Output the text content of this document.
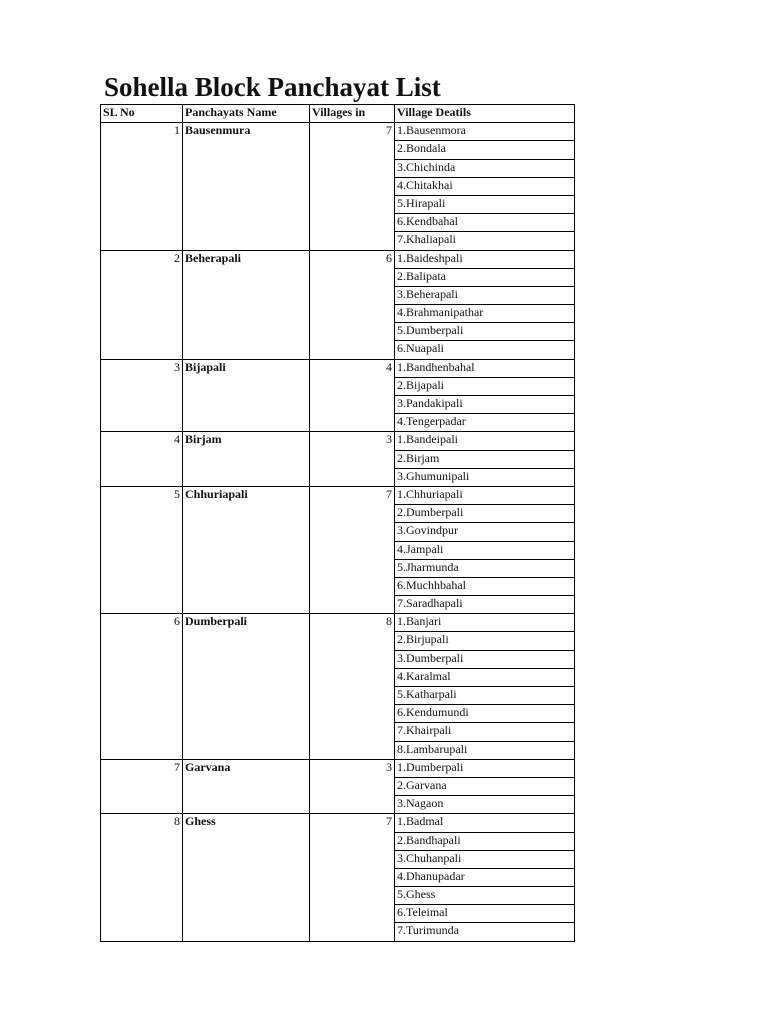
Sohella Block Panchayat List
SL No	Panchayats Name	Villages in	Village Deatils
1	Bausenmura	7	1.Bausenmora
			2.Bondala
			3.Chichinda
			4.Chitakhai
			5.Hirapali
			6.Kendbahal
			7.Khaliapali
2	Beherapali	6	1.Baideshpali
			2.Balipata
			3.Beherapali
			4.Brahmanipathar
			5.Dumberpali
			6.Nuapali
3	Bijapali	4	1.Bandhenbahal
			2.Bijapali
			3.Pandakipali
			4.Tengerpadar
4	Birjam	3	1.Bandeipali
			2.Birjam
			3.Ghumunipali
5	Chhuriapali	7	1.Chhuriapali
			2.Dumberpali
			3.Govindpur
			4.Jampali
			5.Jharmunda
			6.Muchhbahal
			7.Saradhapali
6	Dumberpali	8	1.Banjari
			2.Birjupali
			3.Dumberpali
			4.Karalmal
			5.Katharpali
			6.Kendumundi
			7.Khairpali
			8.Lambarupali
7	Garvana	3	1.Dumberpali
			2.Garvana
			3.Nagaon
8	Ghess	7	1.Badmal
			2.Bandhapali
			3.Chuhanpali
			4.Dhanupadar
			5.Ghess
			6.Teleimal
			7.Turimunda
